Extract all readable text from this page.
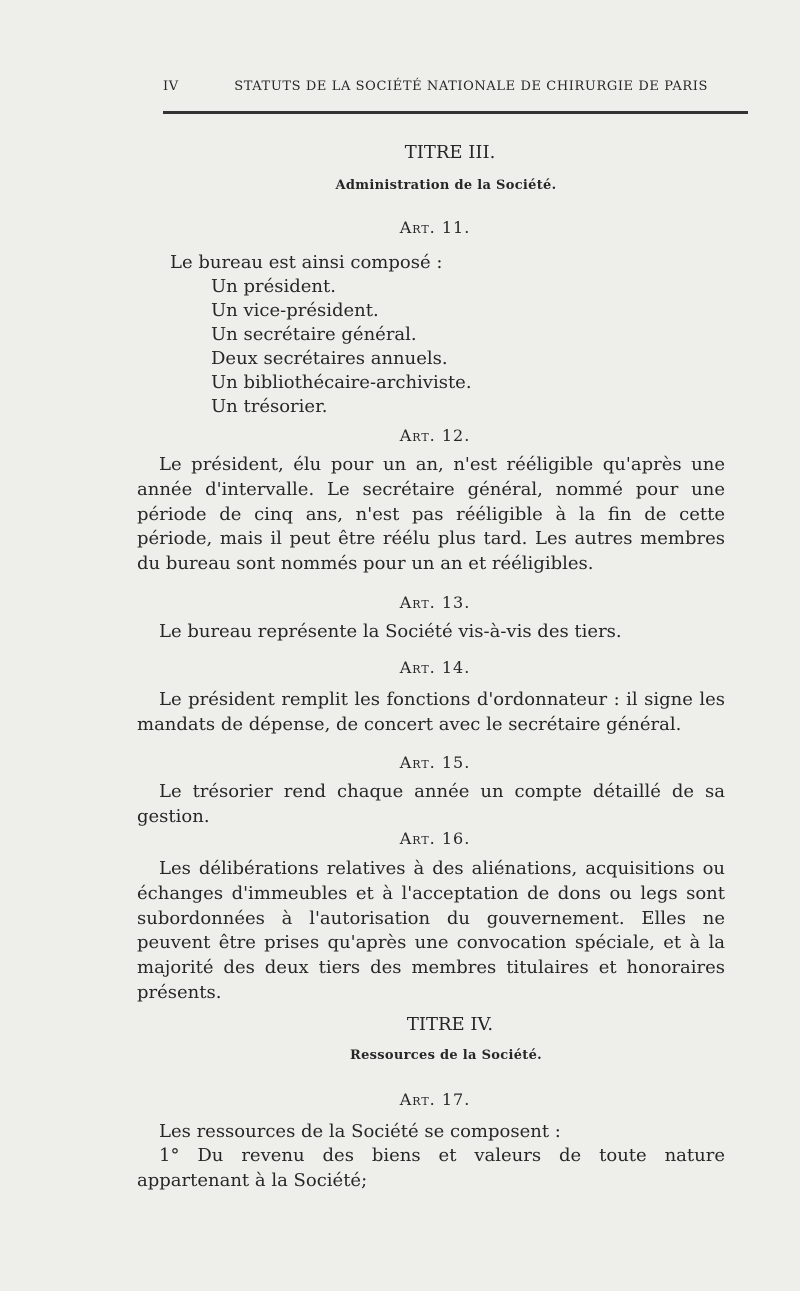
IV	STATUTS DE LA SOCIÉTÉ NATIONALE DE CHIRURGIE DE PARIS
TITRE III.
Administration de la Société.
Art. 11.
Le bureau est ainsi composé :
Un président.
Un vice-président.
Un secrétaire général.
Deux secrétaires annuels.
Un bibliothécaire-archiviste.
Un trésorier.
Art. 12.
Le président, élu pour un an, n'est rééligible qu'après une année d'intervalle. Le secrétaire général, nommé pour une période de cinq ans, n'est pas rééligible à la fin de cette période, mais il peut être réélu plus tard. Les autres membres du bureau sont nommés pour un an et rééligibles.
Art. 13.
Le bureau représente la Société vis-à-vis des tiers.
Art. 14.
Le président remplit les fonctions d'ordonnateur : il signe les mandats de dépense, de concert avec le secrétaire général.
Art. 15.
Le trésorier rend chaque année un compte détaillé de sa gestion.
Art. 16.
Les délibérations relatives à des aliénations, acquisitions ou échanges d'immeubles et à l'acceptation de dons ou legs sont subordonnées à l'autorisation du gouvernement. Elles ne peuvent être prises qu'après une convocation spéciale, et à la majorité des deux tiers des membres titulaires et honoraires présents.
TITRE IV.
Ressources de la Société.
Art. 17.
Les ressources de la Société se composent :
1° Du revenu des biens et valeurs de toute nature appartenant à la Société;
